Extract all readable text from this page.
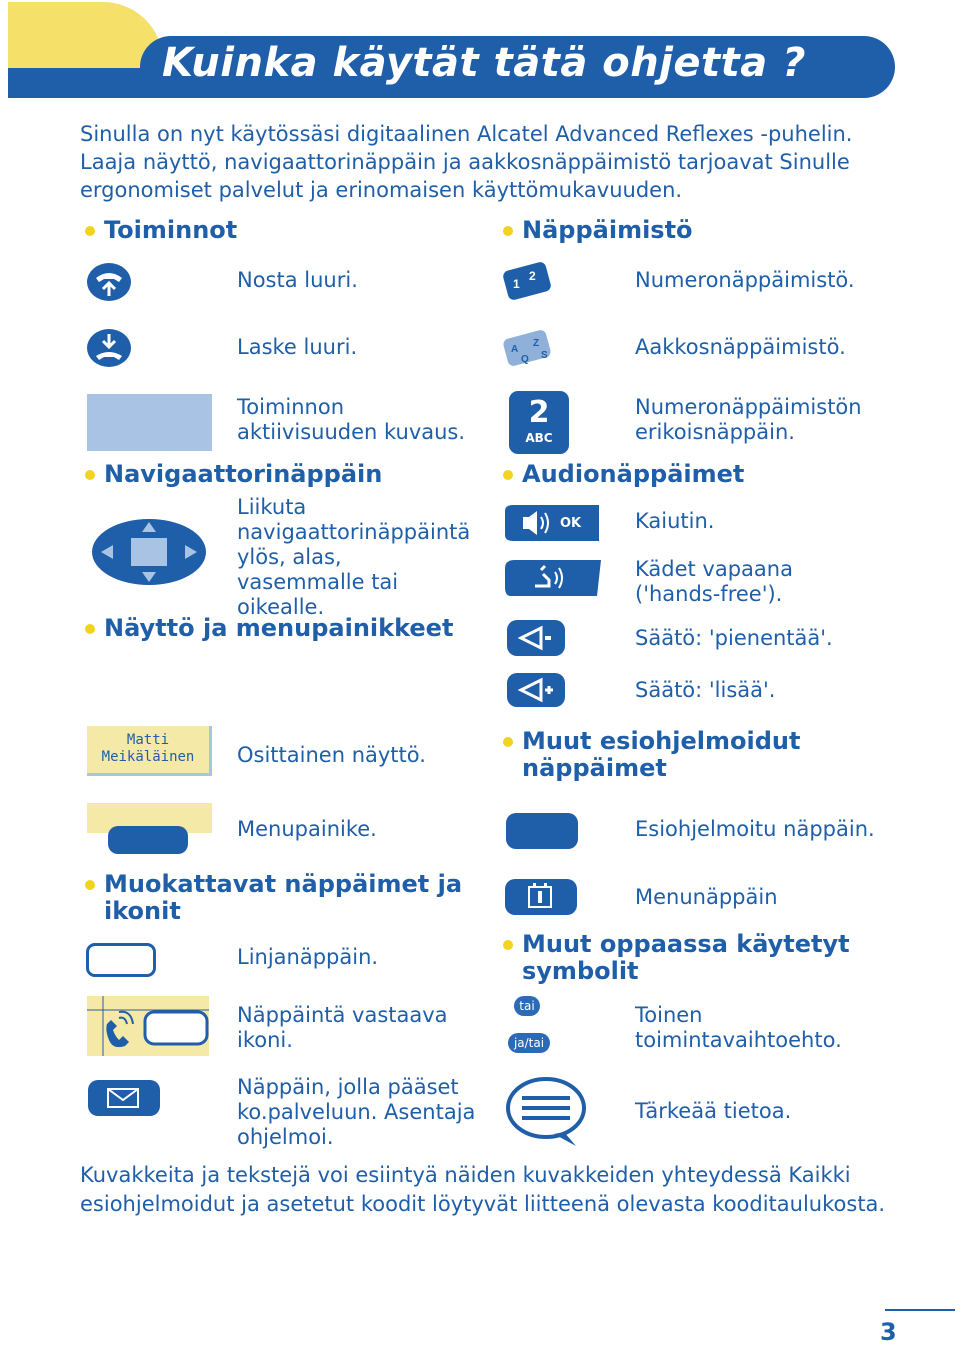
Kuinka käytät tätä ohjetta ?
Sinulla on nyt käytössäsi digitaalinen Alcatel Advanced Reflexes -puhelin. Laaja näyttö, navigaattorinäppäin ja aakkosnäppäimistö tarjoavat Sinulle ergonomiset palvelut ja erinomaisen käyttömukavuuden.
Toiminnot
Nosta luuri.
Laske luuri.
Toiminnon aktiivisuuden kuvaus.
Navigaattorinäppäin
Liikuta navigaattorinäppäintä ylös, alas, vasemmalle tai oikealle.
Näyttö ja menupainikkeet
Matti
Meikäläinen	Osittainen näyttö.
Menupainike.
Muokattavat näppäimet ja
ikonit
Linjanäppäin.
Näppäintä vastaava ikoni.
Näppäin, jolla pääset ko.palveluun. Asentaja ohjelmoi.
Näppäimistö
1
2	Numeronäppäimistö.
A
Z
Q S	Aakkosnäppäimistö.
2
ABC
Numeronäppäimistön erikoisnäppäin.
Audionäppäimet
OK	Kaiutin.
Kädet vapaana ('hands-free').
Säätö: 'pienentää'.
Säätö: 'lisää'.
Muut esiohjelmoidut
näppäimet
Esiohjelmoitu näppäin.
Menunäppäin
Muut oppaassa käytetyt
symbolit
tai
ja/tai
Toinen toimintavaihtoehto.
Tärkeää tietoa.
Kuvakkeita ja tekstejä voi esiintyä näiden kuvakkeiden yhteydessä Kaikki esiohjelmoidut ja asetetut koodit löytyvät liitteenä olevasta kooditaulukosta.
3
